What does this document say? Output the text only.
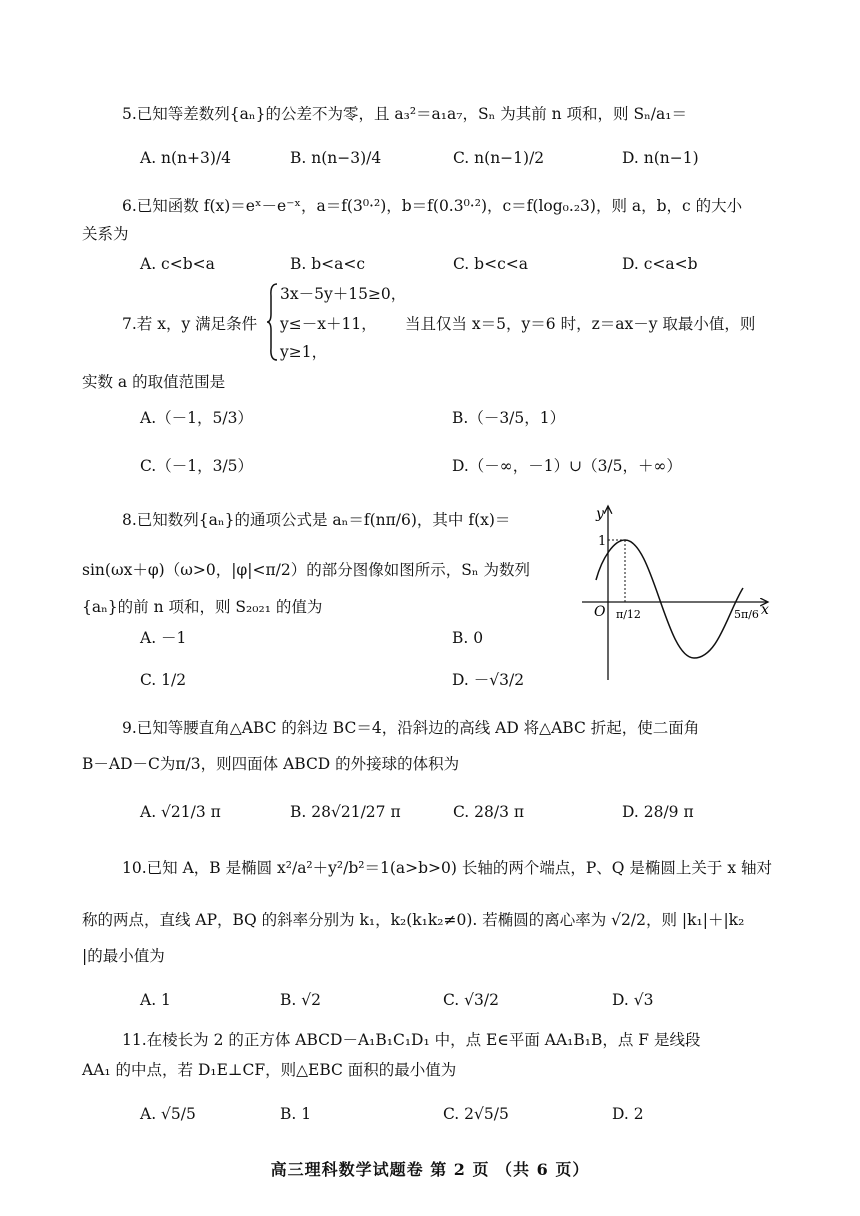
5.已知等差数列{aₙ}的公差不为零，且 a₃²＝a₁a₇，Sₙ 为其前 n 项和，则 Sₙ/a₁＝
A. n(n+3)/4	B. n(n−3)/4	C. n(n−1)/2	D. n(n−1)
6.已知函数 f(x)＝eˣ－e⁻ˣ，a＝f(3⁰·²)，b＝f(0.3⁰·²)，c＝f(log₀.₂3)，则 a，b，c 的大小
关系为
A. c<b<a	B. b<a<c	C. b<c<a	D. c<a<b
7.若 x，y 满足条件
3x－5y＋15≥0，
y≤－x＋11，
y≥1，
当且仅当 x＝5，y＝6 时，z＝ax－y 取最小值，则
实数 a 的取值范围是
A.（－1，5/3）	B.（－3/5，1）
C.（－1，3/5）	D.（－∞，－1）∪（3/5，＋∞）
8.已知数列{aₙ}的通项公式是 aₙ＝f(nπ/6)，其中 f(x)＝
sin(ωx＋φ)（ω>0，|φ|<π/2）的部分图像如图所示，Sₙ 为数列
{aₙ}的前 n 项和，则 S₂₀₂₁ 的值为
A. －1	B. 0
C. 1/2	D. －√3/2
y
x
O
1
π/12	5π/6
9.已知等腰直角△ABC 的斜边 BC＝4，沿斜边的高线 AD 将△ABC 折起，使二面角
B－AD－C为π/3，则四面体 ABCD 的外接球的体积为
A. √21/3 π	B. 28√21/27 π	C. 28/3 π	D. 28/9 π
10.已知 A，B 是椭圆 x²/a²＋y²/b²＝1(a>b>0) 长轴的两个端点，P、Q 是椭圆上关于 x 轴对
称的两点，直线 AP，BQ 的斜率分别为 k₁，k₂(k₁k₂≠0). 若椭圆的离心率为 √2/2，则 |k₁|＋|k₂
|的最小值为
A. 1	B. √2	C. √3/2	D. √3
11.在棱长为 2 的正方体 ABCD－A₁B₁C₁D₁ 中，点 E∈平面 AA₁B₁B，点 F 是线段
AA₁ 的中点，若 D₁E⊥CF，则△EBC 面积的最小值为
A. √5/5	B. 1	C. 2√5/5	D. 2
高三理科数学试题卷 第 2 页 （共 6 页）
